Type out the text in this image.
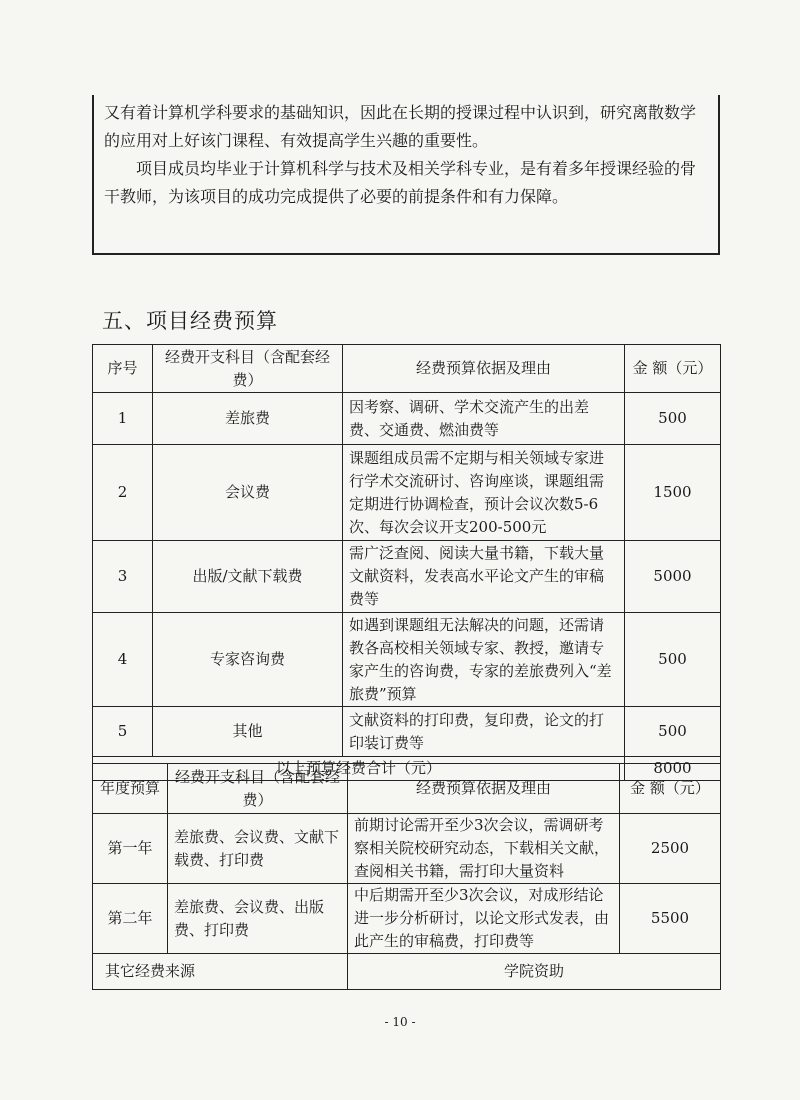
又有着计算机学科要求的基础知识，因此在长期的授课过程中认识到，研究离散数学的应用对上好该门课程、有效提高学生兴趣的重要性。

项目成员均毕业于计算机科学与技术及相关学科专业，是有着多年授课经验的骨干教师，为该项目的成功完成提供了必要的前提条件和有力保障。

五、项目经费预算
序号	经费开支科目（含配套经费）	经费预算依据及理由	金 额（元）
1	差旅费	因考察、调研、学术交流产生的出差费、交通费、燃油费等	500
2	会议费	课题组成员需不定期与相关领域专家进行学术交流研讨、咨询座谈，课题组需定期进行协调检查，预计会议次数5-6次、每次会议开支200-500元	1500
3	出版/文献下载费	需广泛查阅、阅读大量书籍，下载大量文献资料，发表高水平论文产生的审稿费等	5000
4	专家咨询费	如遇到课题组无法解决的问题，还需请教各高校相关领域专家、教授，邀请专家产生的咨询费，专家的差旅费列入“差旅费”预算	500
5	其他	文献资料的打印费，复印费，论文的打印装订费等	500
以上预算经费合计（元）			8000
年度预算	经费开支科目（含配套经费）	经费预算依据及理由	金 额（元）
第一年	差旅费、会议费、文献下载费、打印费	前期讨论需开至少3次会议，需调研考察相关院校研究动态，下载相关文献，查阅相关书籍，需打印大量资料	2500
第二年	差旅费、会议费、出版费、打印费	中后期需开至少3次会议，对成形结论进一步分析研讨，以论文形式发表，由此产生的审稿费，打印费等	5500
其它经费来源		学院资助	
- 10 -
